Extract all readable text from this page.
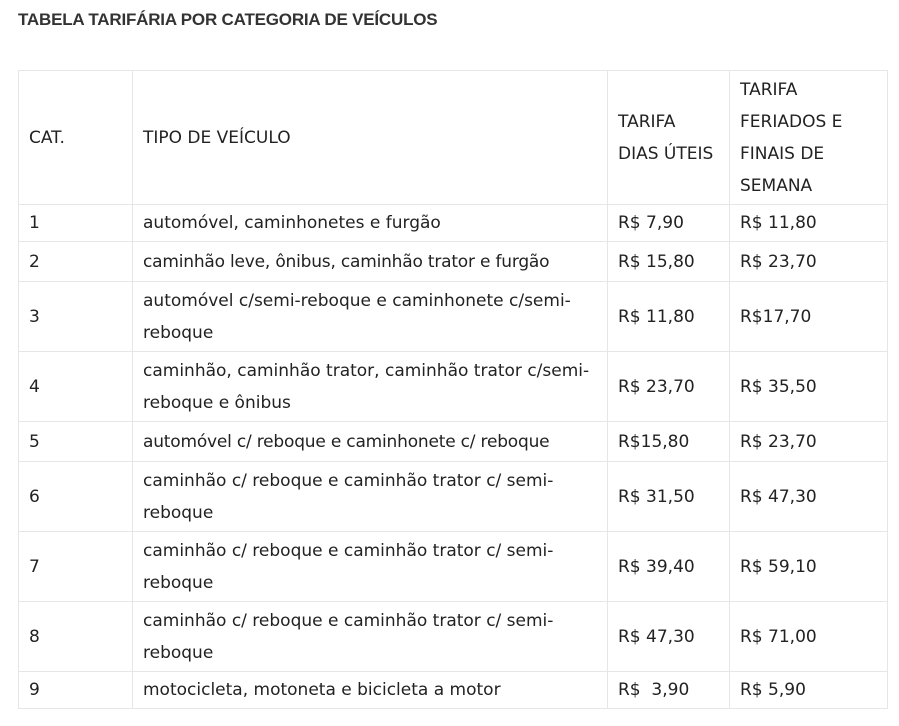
TABELA TARIFÁRIA POR CATEGORIA DE VEÍCULOS
CAT.	TIPO DE VEÍCULO	TARIFA DIAS ÚTEIS	TARIFA FERIADOS E FINAIS DE SEMANA
1	automóvel, caminhonetes e furgão	R$ 7,90	R$ 11,80
2	caminhão leve, ônibus, caminhão trator e furgão	R$ 15,80	R$ 23,70
3	automóvel c/semi-reboque e caminhonete c/semi-reboque	R$ 11,80	R$17,70
4	caminhão, caminhão trator, caminhão trator c/semi-reboque e ônibus	R$ 23,70	R$ 35,50
5	automóvel c/ reboque e caminhonete c/ reboque	R$15,80	R$ 23,70
6	caminhão c/ reboque e caminhão trator c/ semi-reboque	R$ 31,50	R$ 47,30
7	caminhão c/ reboque e caminhão trator c/ semi-reboque	R$ 39,40	R$ 59,10
8	caminhão c/ reboque e caminhão trator c/ semi-reboque	R$ 47,30	R$ 71,00
9	motocicleta, motoneta e bicicleta a motor	R$  3,90	R$ 5,90
